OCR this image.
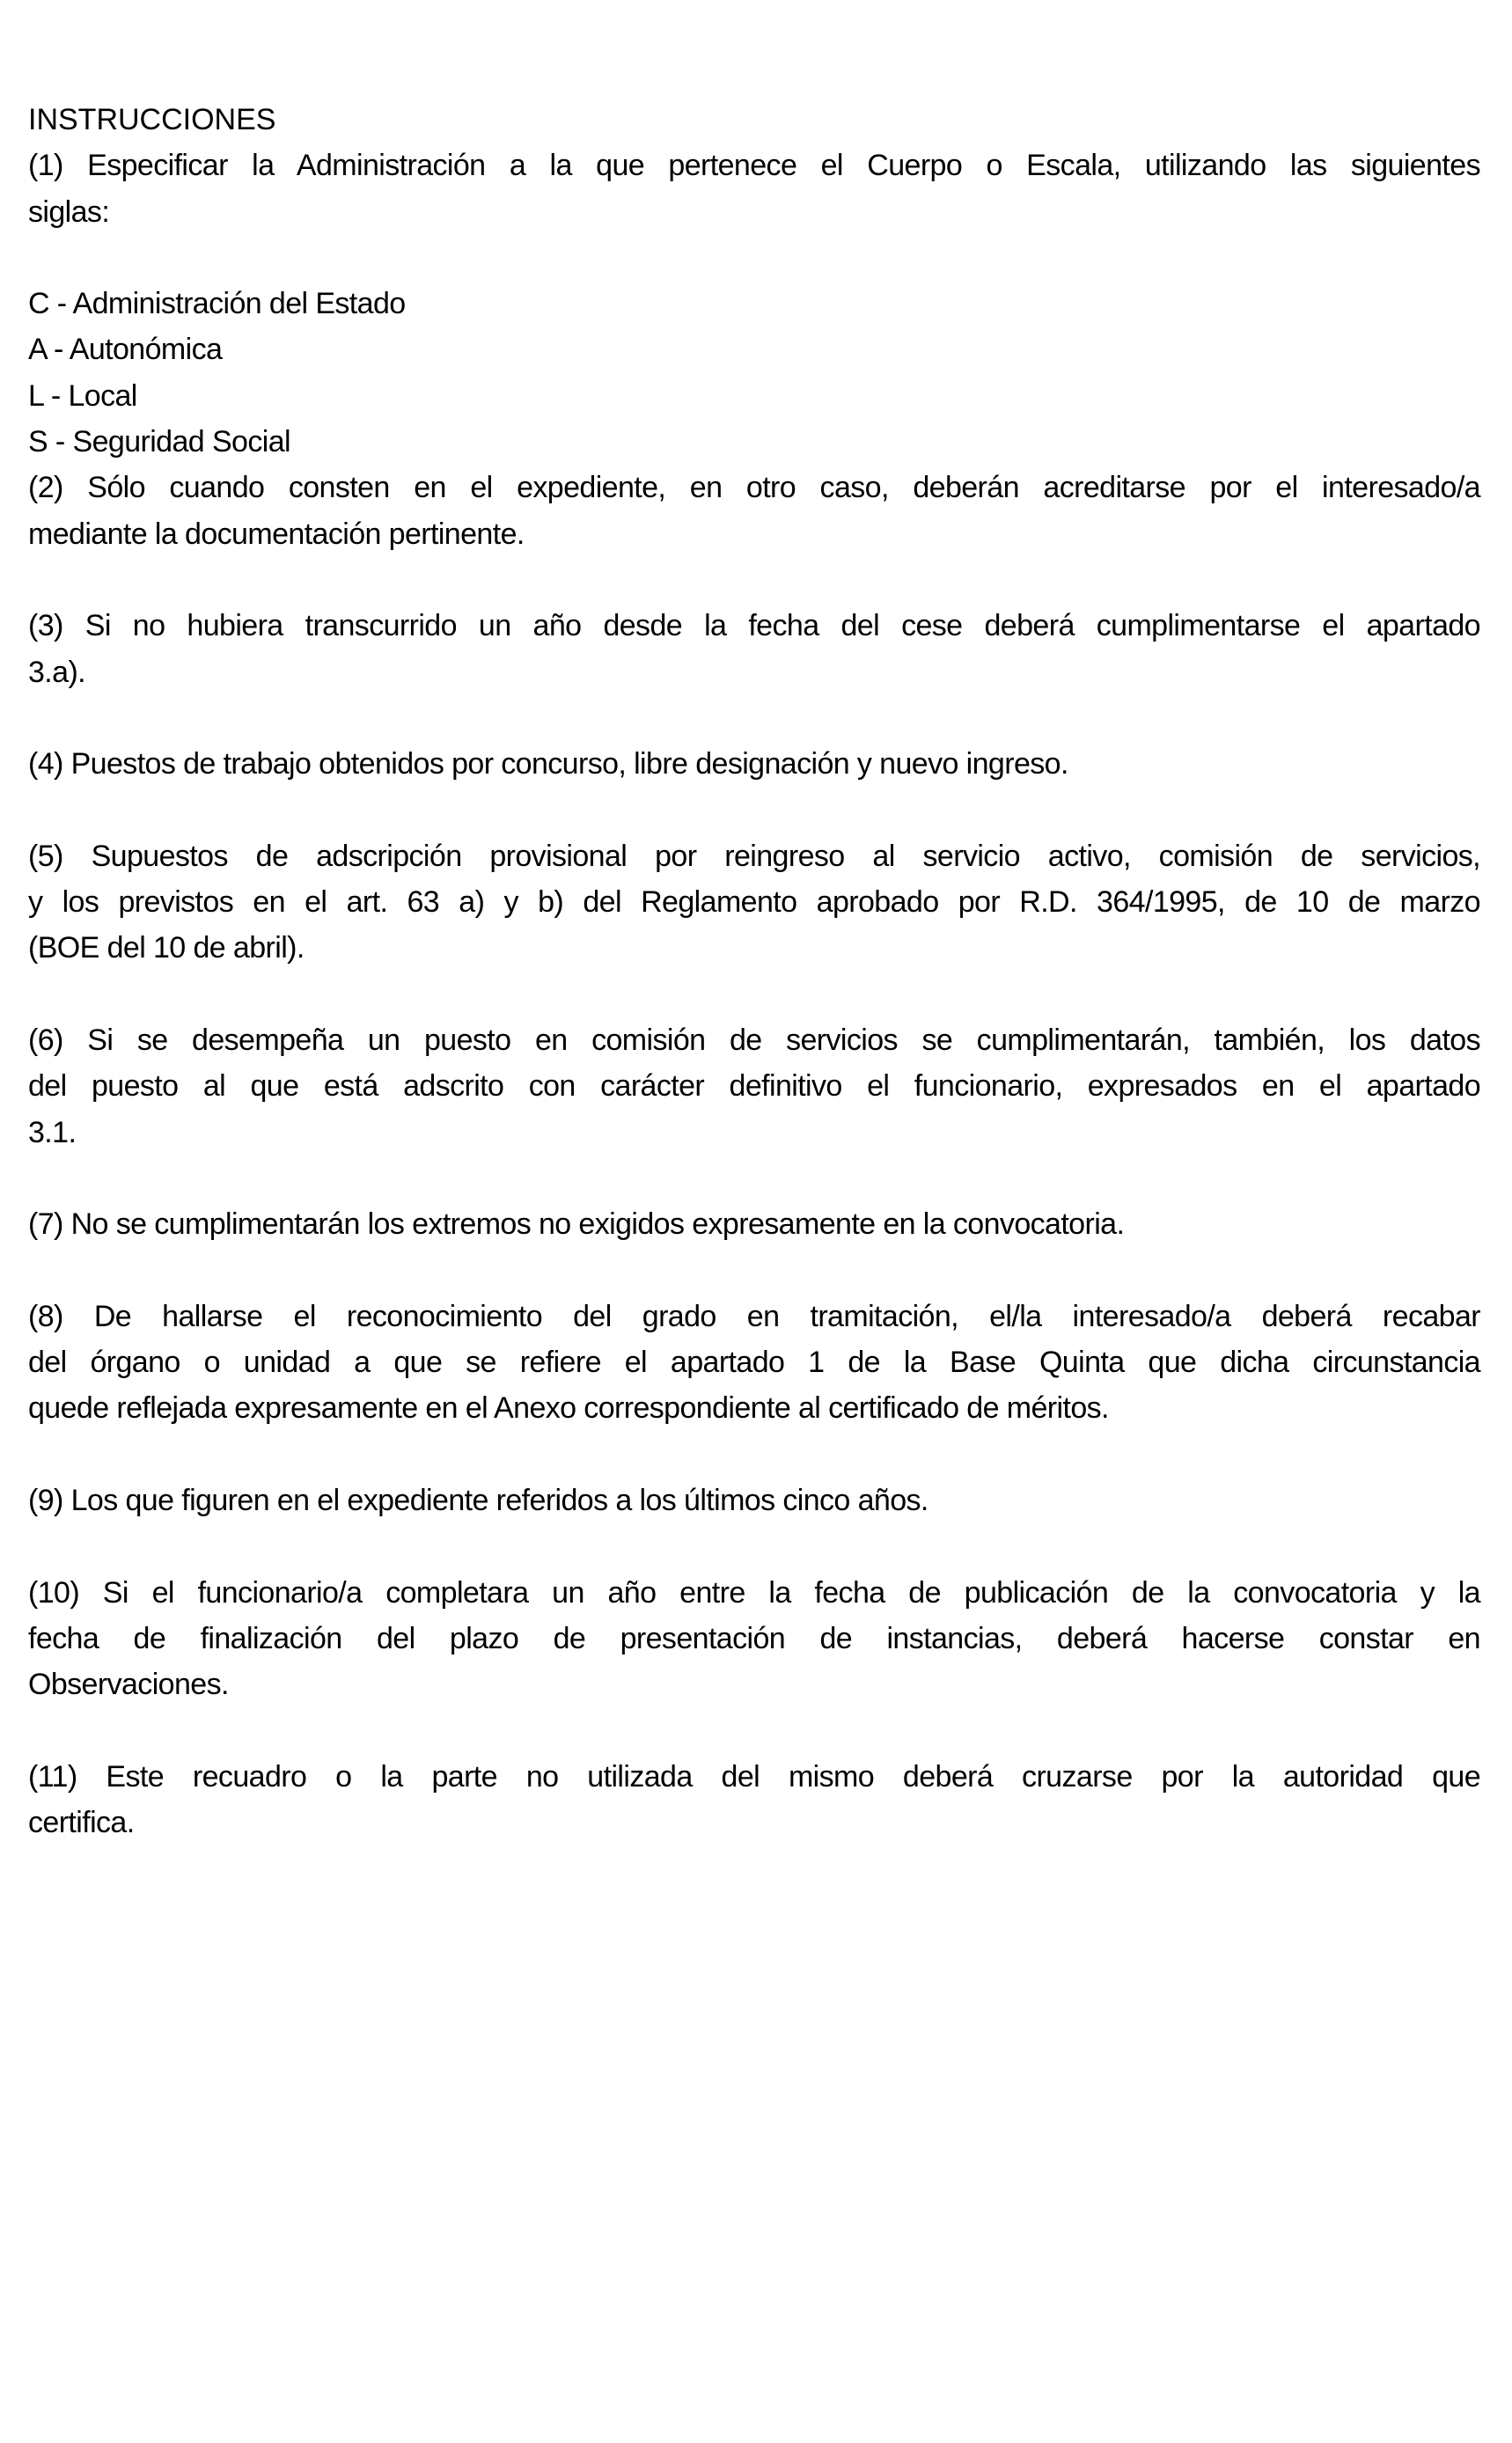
INSTRUCCIONES
(1) Especificar la Administración a la que pertenece el Cuerpo o Escala, utilizando las siguientes
siglas:
C - Administración del Estado
A - Autonómica
L - Local
S - Seguridad Social
(2) Sólo cuando consten en el expediente, en otro caso, deberán acreditarse por el interesado/a
mediante la documentación pertinente.
(3) Si no hubiera transcurrido un año desde la fecha del cese deberá cumplimentarse el apartado
3.a).
(4) Puestos de trabajo obtenidos por concurso, libre designación y nuevo ingreso.
(5) Supuestos de adscripción provisional por reingreso al servicio activo, comisión de servicios,
y los previstos en el art. 63 a) y b) del Reglamento aprobado por R.D. 364/1995, de 10 de marzo
(BOE del 10 de abril).
(6) Si se desempeña un puesto en comisión de servicios se cumplimentarán, también, los datos
del puesto al que está adscrito con carácter definitivo el funcionario, expresados en el apartado
3.1.
(7) No se cumplimentarán los extremos no exigidos expresamente en la convocatoria.
(8) De hallarse el reconocimiento del grado en tramitación, el/la interesado/a deberá recabar
del órgano o unidad a que se refiere el apartado 1 de la Base Quinta que dicha circunstancia
quede reflejada expresamente en el Anexo correspondiente al certificado de méritos.
(9) Los que figuren en el expediente referidos a los últimos cinco años.
(10) Si el funcionario/a completara un año entre la fecha de publicación de la convocatoria y la
fecha de finalización del plazo de presentación de instancias, deberá hacerse constar en
Observaciones.
(11) Este recuadro o la parte no utilizada del mismo deberá cruzarse por la autoridad que
certifica.
